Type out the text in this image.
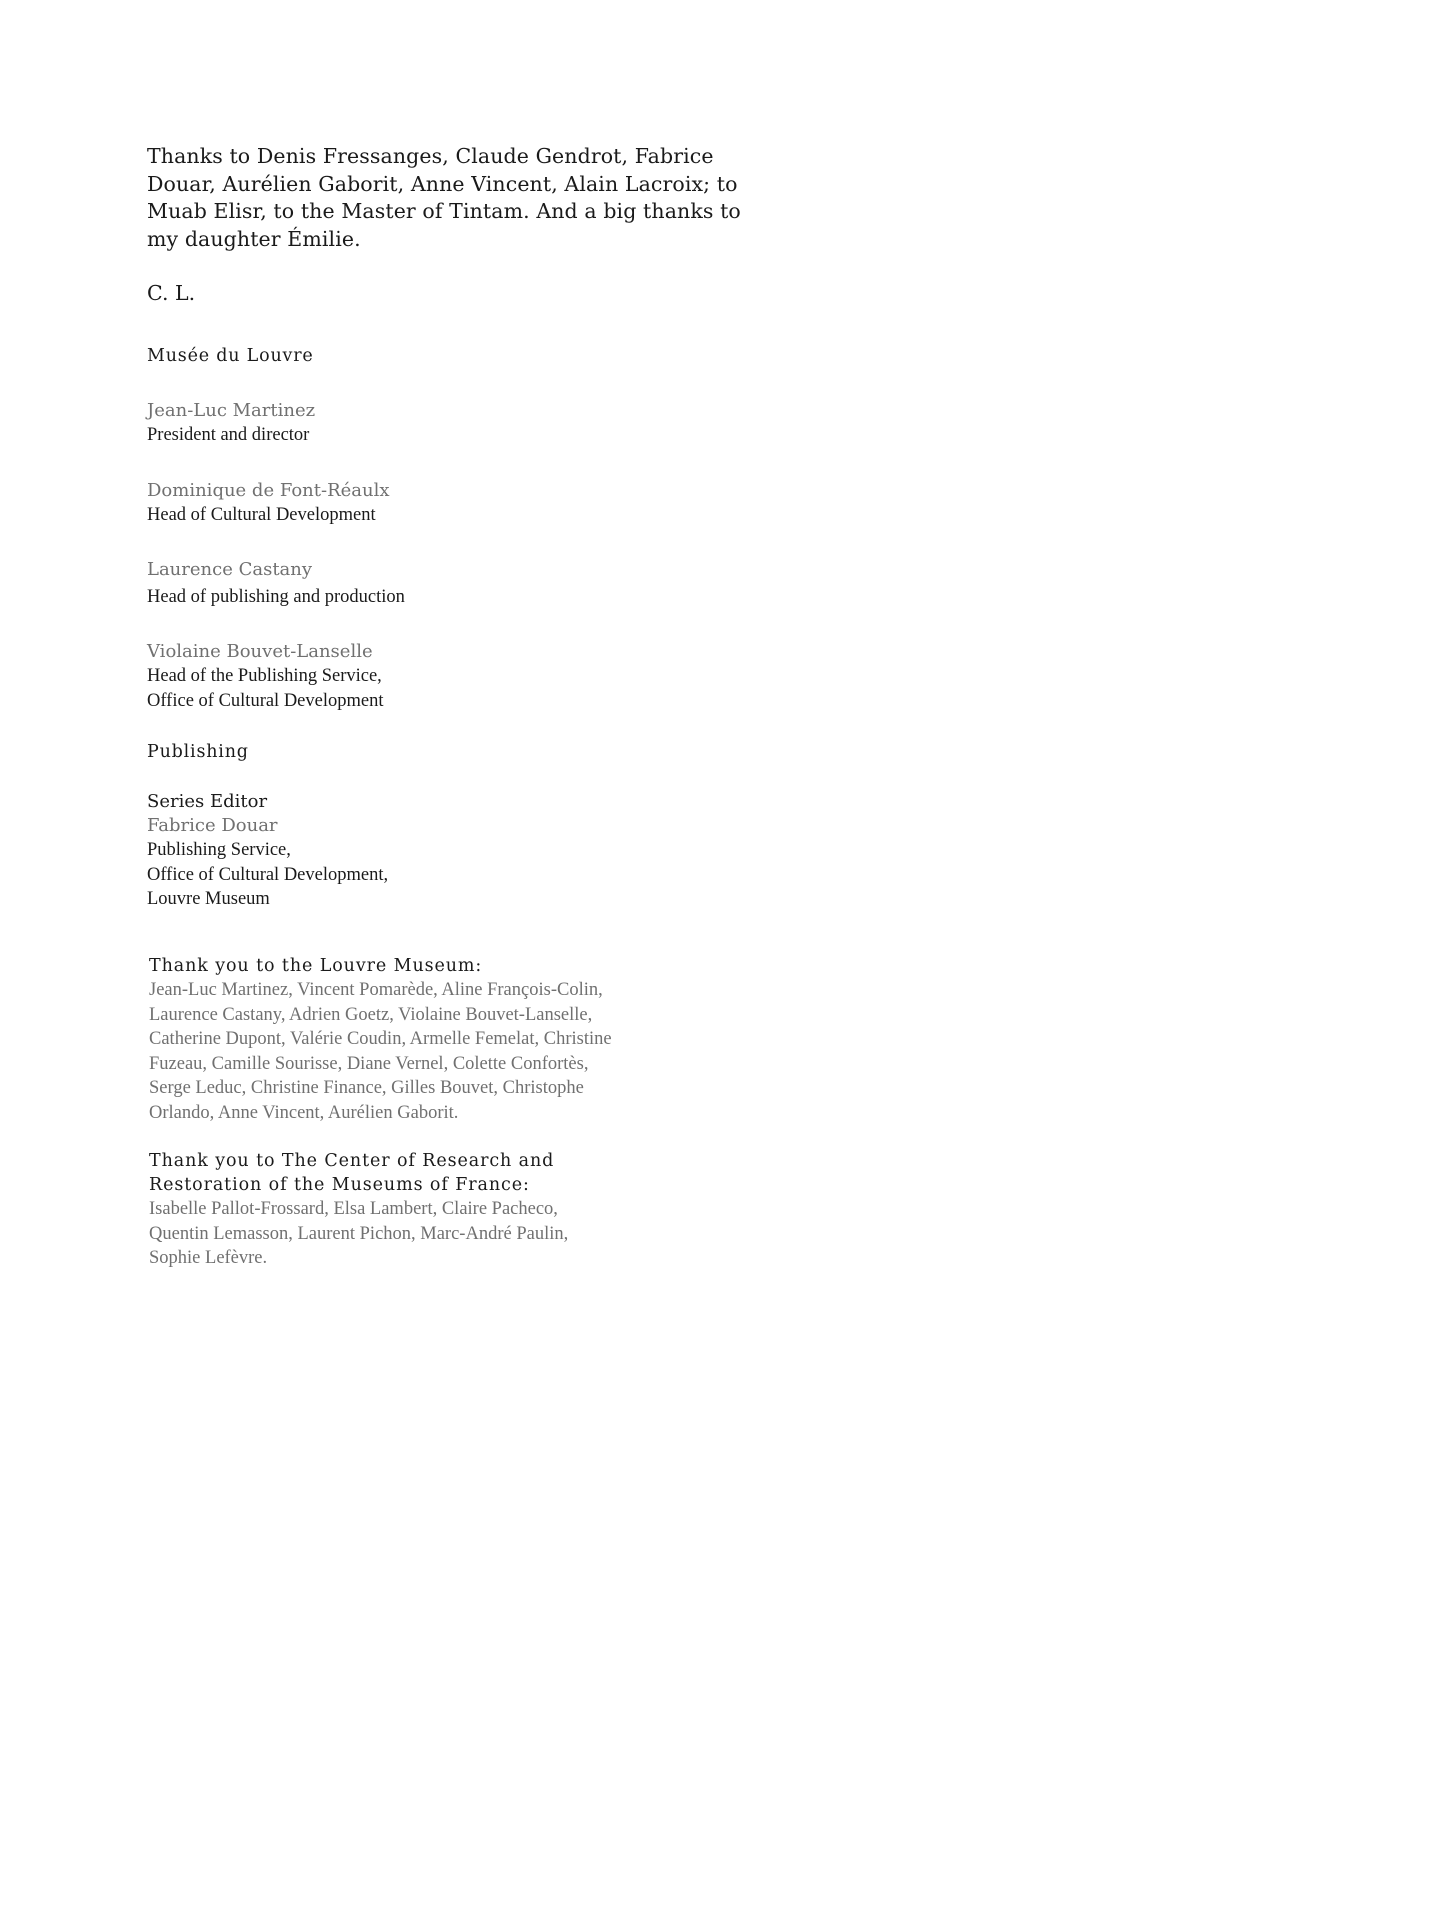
Thanks to Denis Fressanges, Claude Gendrot, Fabrice Douar, Aurélien Gaborit, Anne Vincent, Alain Lacroix; to Muab Elisr, to the Master of Tintam. And a big thanks to my daughter Émilie.

C. L.

Musée du Louvre
Jean-Luc Martinez
President and director
Dominique de Font-Réaulx
Head of Cultural Development
Laurence Castany
Head of publishing and production
Violaine Bouvet-Lanselle
Head of the Publishing Service,
Office of Cultural Development
Publishing
Series Editor
Fabrice Douar
Publishing Service,
Office of Cultural Development,
Louvre Museum
Thank you to the Louvre Museum:
Jean-Luc Martinez, Vincent Pomarède, Aline François-Colin,
Laurence Castany, Adrien Goetz, Violaine Bouvet-Lanselle,
Catherine Dupont, Valérie Coudin, Armelle Femelat, Christine
Fuzeau, Camille Sourisse, Diane Vernel, Colette Confortès,
Serge Leduc, Christine Finance, Gilles Bouvet, Christophe
Orlando, Anne Vincent, Aurélien Gaborit.
Thank you to The Center of Research and
Restoration of the Museums of France:
Isabelle Pallot-Frossard, Elsa Lambert, Claire Pacheco,
Quentin Lemasson, Laurent Pichon, Marc-André Paulin,
Sophie Lefèvre.
